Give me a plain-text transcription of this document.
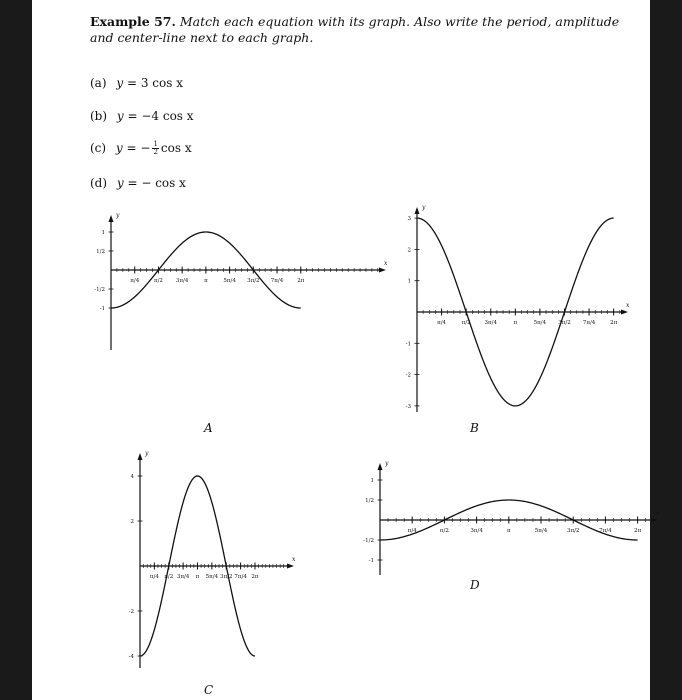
Example 57. Match each equation with its graph. Also write the period, amplitude and center-line next to each graph.
(a) y = 3 cos x
(b) y = −4 cos x
(c) y = − $\frac{1}{2}$ cos x
(d) y = − cos x
x
π/4	π/2 3π/4	π	5π/4 3π/2 7π/4	2π
y
1
1/2
-1/2
-1	x
π/4	π/2	3π/4	π	5π/4 3π/2 7π/4	2π
y
3
2
1
-1
-2
-3
x
π/4 π/2 3π/4 π 5π/4 3π/2 7π/4 2π
y
4
2
-2
-4
x
π/4	π/2	3π/4	π	5π/4	3π/2	7π/4	2π
y
1
1/2
-1/2
-1
A	B
C
D
